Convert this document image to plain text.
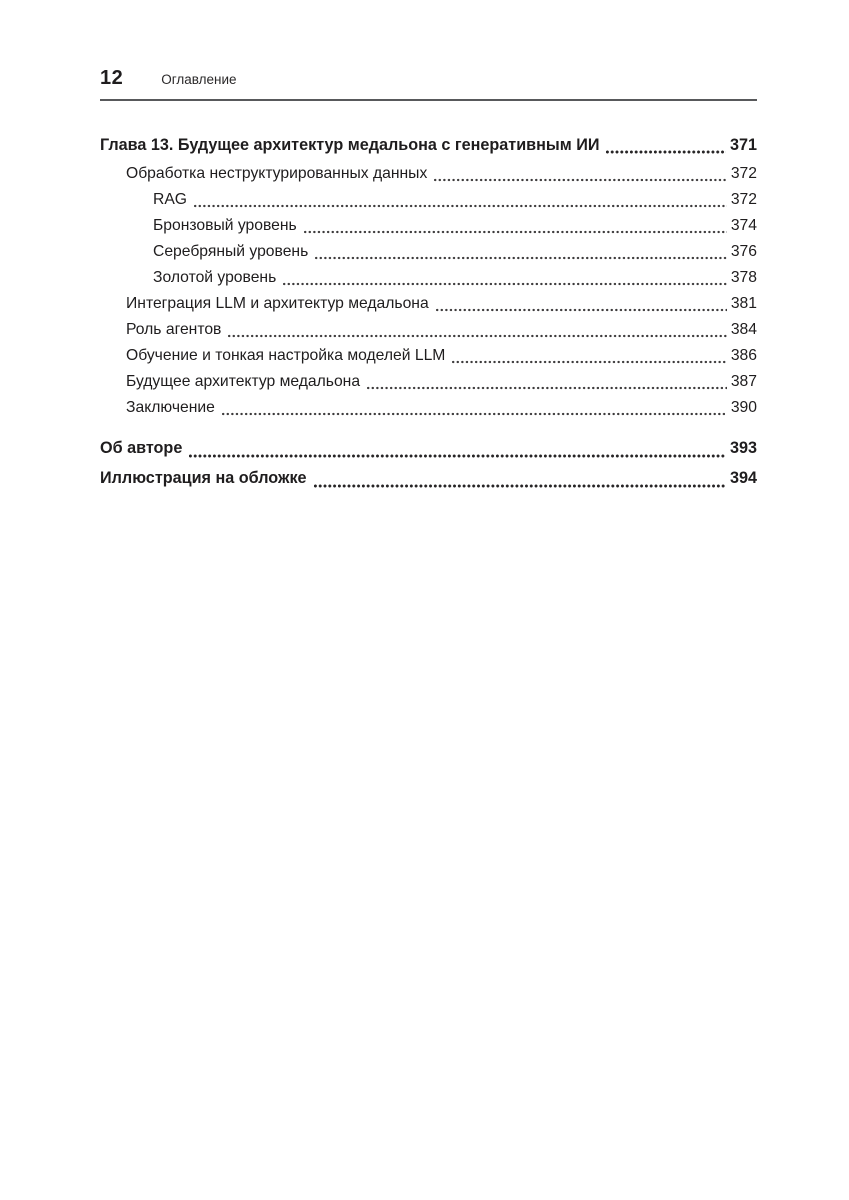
12	Оглавление
Глава 13. Будущее архитектур медальона с генеративным ИИ	371
Обработка неструктурированных данных	372
RAG	372
Бронзовый уровень	374
Серебряный уровень	376
Золотой уровень	378
Интеграция LLM и архитектур медальона	381
Роль агентов	384
Обучение и тонкая настройка моделей LLM	386
Будущее архитектур медальона	387
Заключение	390
Об авторе	393
Иллюстрация на обложке	394
